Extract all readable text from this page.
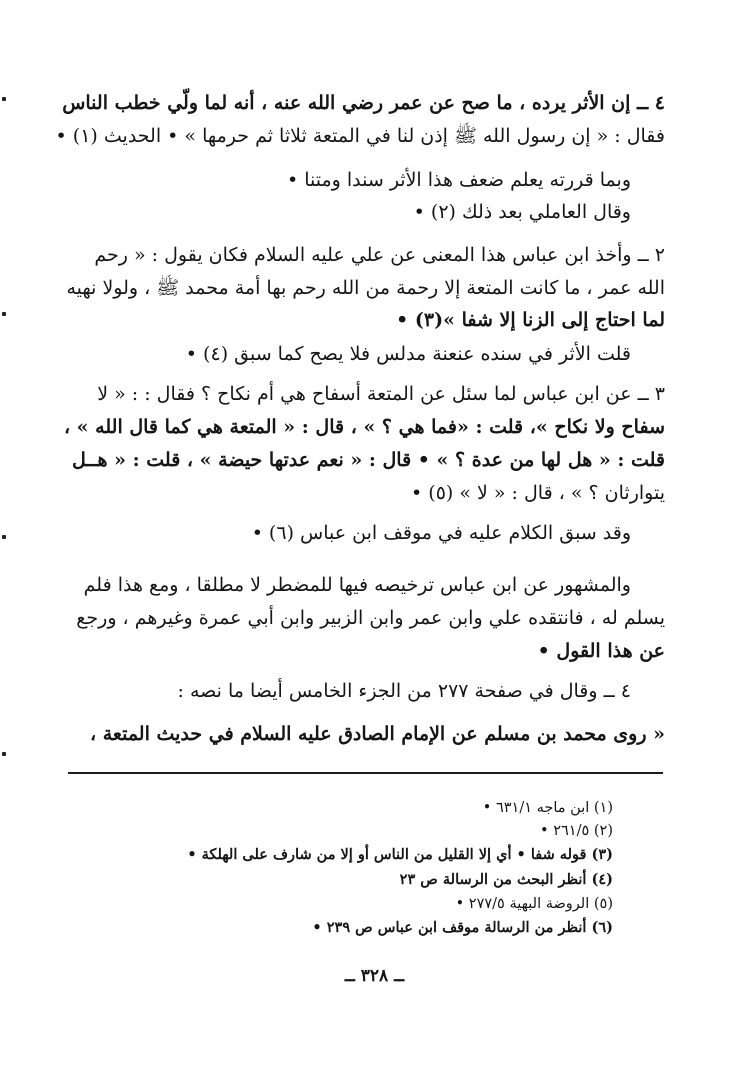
٤ ــ إن الأثر يرده ، ما صح عن عمر رضي الله عنه ، أنه لما ولّي خطب الناس
فقال : « إن رسول الله ﷺ إذن لنا في المتعة ثلاثا ثم حرمها » • الحديث (١) •
وبما قررته يعلم ضعف هذا الأثر سندا ومتنا •
وقال العاملي بعد ذلك (٢) •
٢ ــ وأخذ ابن عباس هذا المعنى عن علي عليه السلام فكان يقول : « رحم
الله عمر ، ما كانت المتعة إلا رحمة من الله رحم بها أمة محمد ﷺ ، ولولا نهيه
لما احتاج إلى الزنا إلا شفا »(٣) •
قلت الأثر في سنده عنعنة مدلس فلا يصح كما سبق (٤) •
٣ ــ عن ابن عباس لما سئل عن المتعة أسفاح هي أم نكاح ؟ فقال : : « لا
سفاح ولا نكاح »، قلت : «فما هي ؟ » ، قال : « المتعة هي كما قال الله » ،
قلت : « هل لها من عدة ؟ » • قال : « نعم عدتها حيضة » ، قلت : « هــل
يتوارثان ؟ » ، قال : « لا » (٥) •
وقد سبق الكلام عليه في موقف ابن عباس (٦) •
والمشهور عن ابن عباس ترخيصه فيها للمضطر لا مطلقا ، ومع هذا فلم
يسلم له ، فانتقده علي وابن عمر وابن الزبير وابن أبي عمرة وغيرهم ، ورجع
عن هذا القول •
٤ ــ وقال في صفحة ٢٧٧ من الجزء الخامس أيضا ما نصه :
« روى محمد بن مسلم عن الإمام الصادق عليه السلام في حديث المتعة ،
(١) ابن ماجه ٦٣١/١ •
(٢) ٢٦١/٥ •
(٣) قوله شفا • أي إلا القليل من الناس أو إلا من شارف على الهلكة •
(٤) أنظر البحث من الرسالة ص ٢٣
(٥) الروضة البهية ٢٧٧/٥ •
(٦) أنظر من الرسالة موقف ابن عباس ص ٢٣٩ •
ــ ٣٢٨ ــ
